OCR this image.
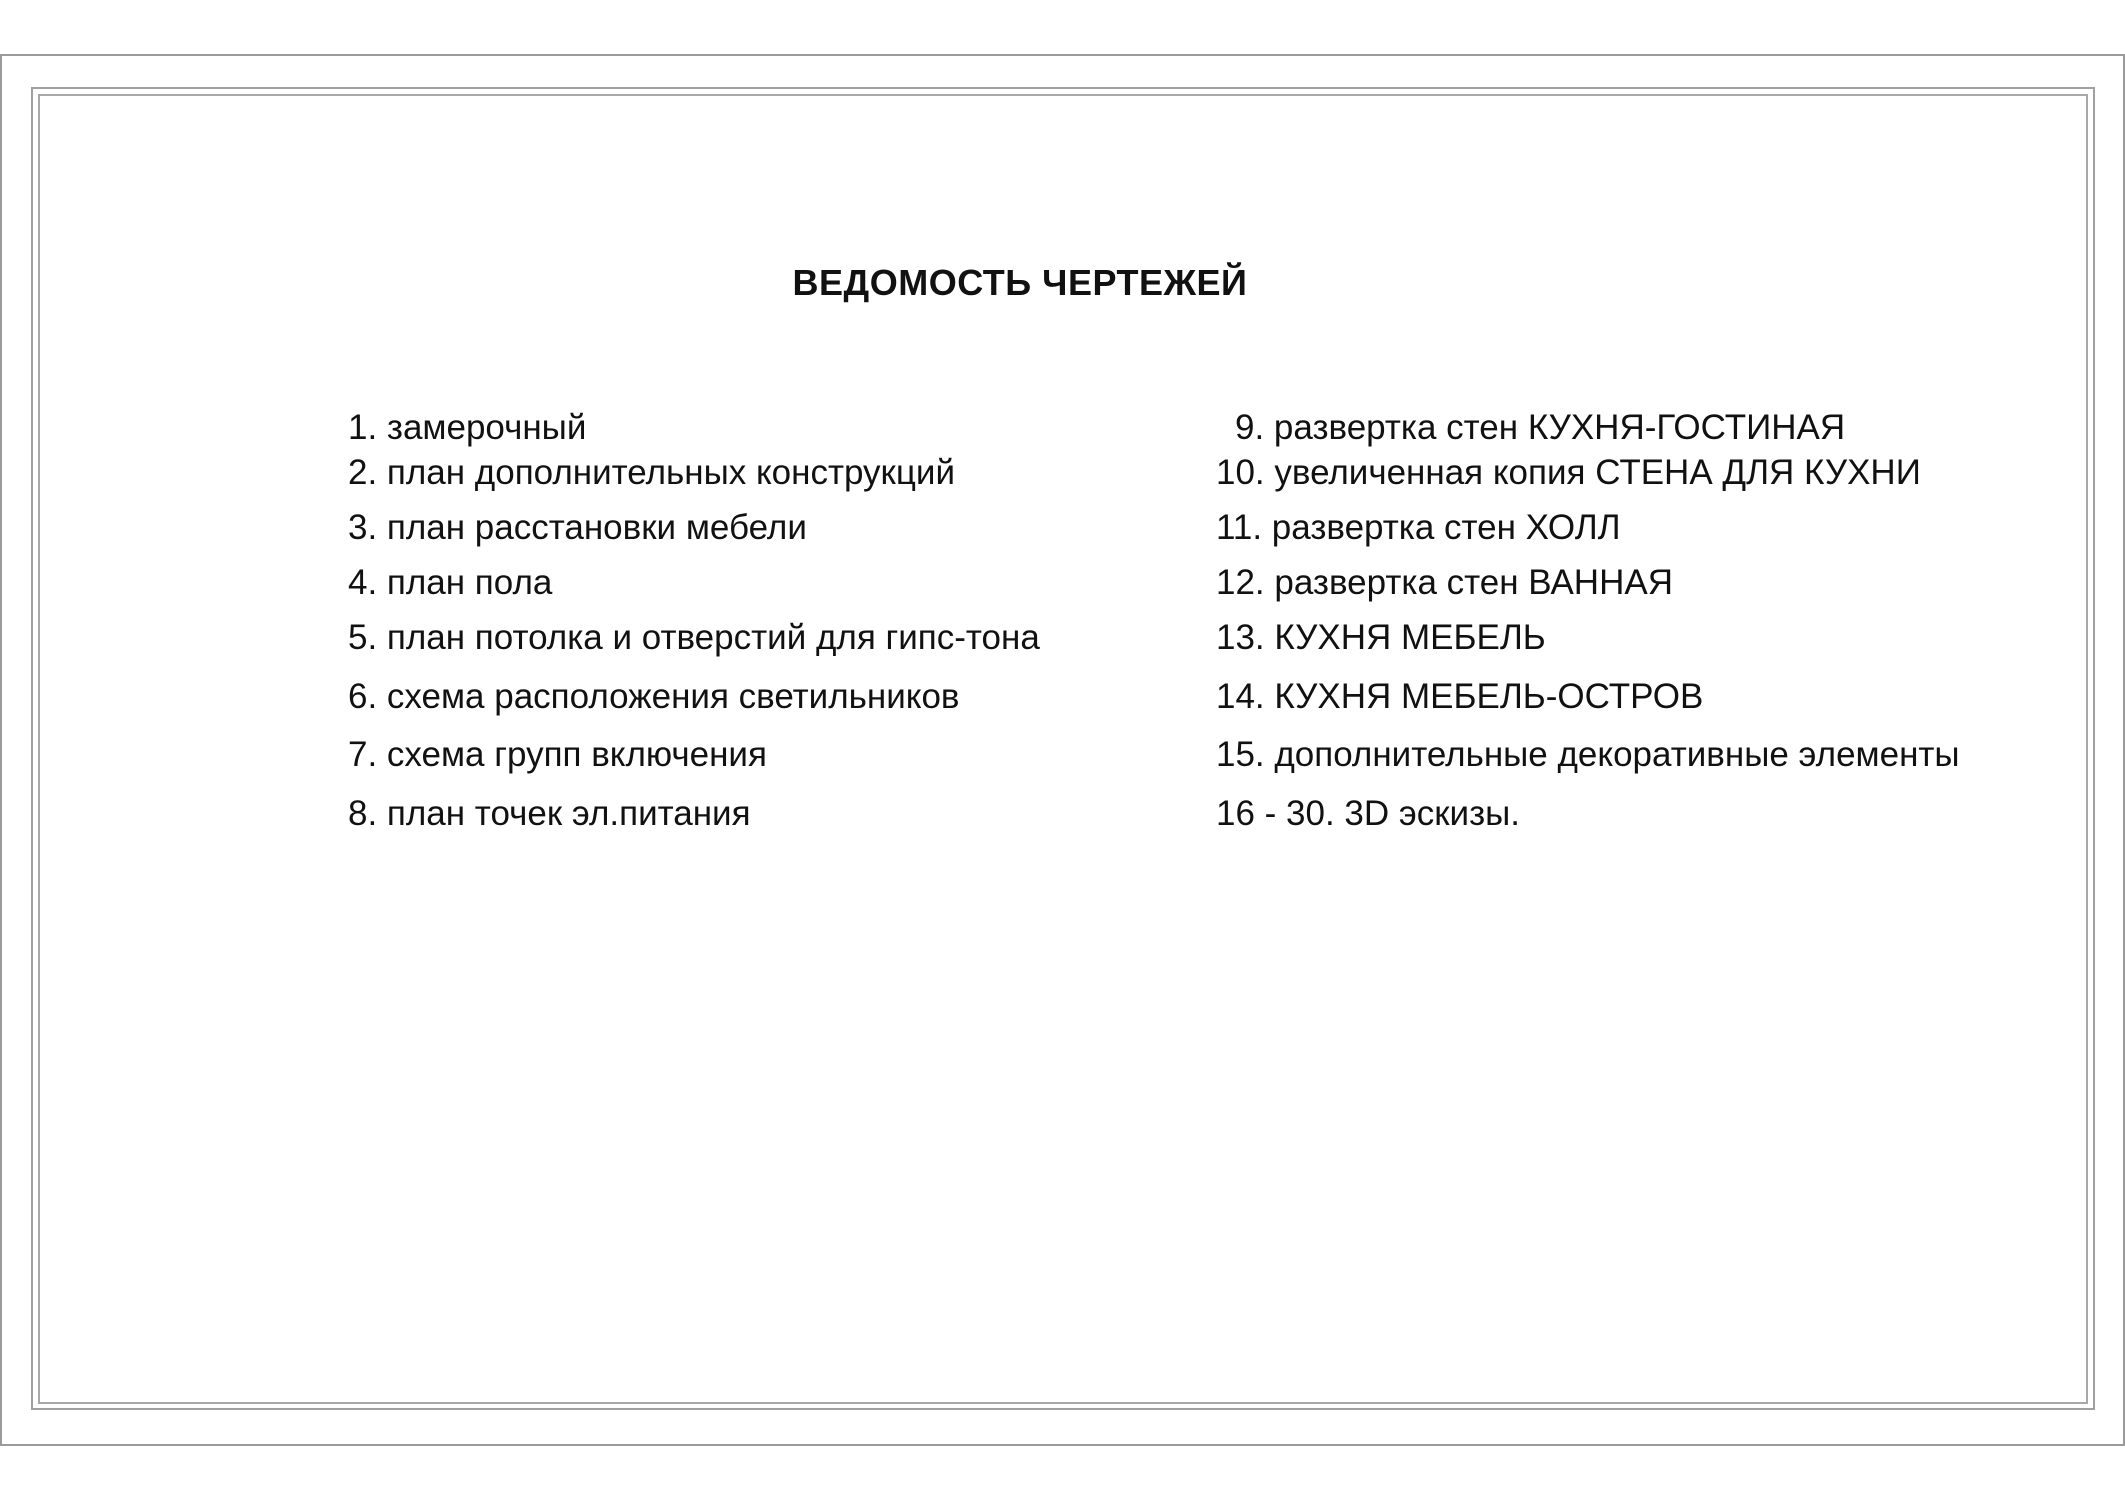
ВЕДОМОСТЬ ЧЕРТЕЖЕЙ
1. замерочный
2. план дополнительных конструкций
3. план расстановки мебели
4. план пола
5. план потолка и отверстий для гипс-тона
6. схема расположения светильников
7. схема групп включения
8. план точек эл.питания
9. развертка стен КУХНЯ-ГОСТИНАЯ
10. увеличенная копия СТЕНА ДЛЯ КУХНИ
11. развертка стен ХОЛЛ
12. развертка стен ВАННАЯ
13. КУХНЯ МЕБЕЛЬ
14. КУХНЯ МЕБЕЛЬ-ОСТРОВ
15. дополнительные декоративные элементы
16 - 30. 3D эскизы.
